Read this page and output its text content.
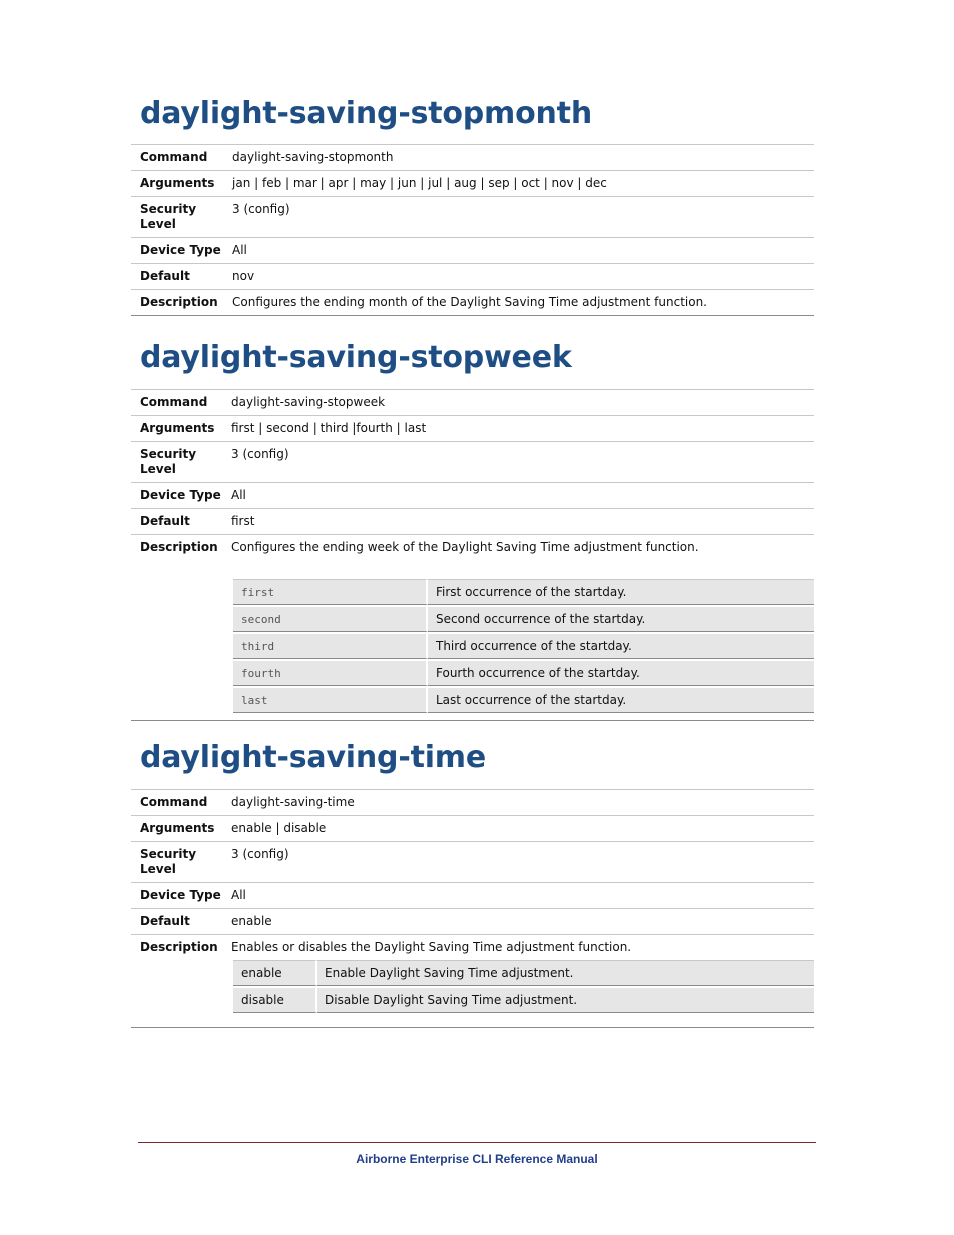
daylight-saving-stopmonth
Command	daylight-saving-stopmonth
Arguments	jan | feb | mar | apr | may | jun | jul | aug | sep | oct | nov | dec
Security Level	3 (config)
Device Type	All
Default	nov
Description	Configures the ending month of the Daylight Saving Time adjustment function.
daylight-saving-stopweek
Command	daylight-saving-stopweek
Arguments	first | second | third |fourth | last
Security Level	3 (config)
Device Type	All
Default	first
Description	Configures the ending week of the Daylight Saving Time adjustment function.
first	First occurrence of the startday.
second	Second occurrence of the startday.
third	Third occurrence of the startday.
fourth	Fourth occurrence of the startday.
last	Last occurrence of the startday.
daylight-saving-time
Command	daylight-saving-time
Arguments	enable | disable
Security Level	3 (config)
Device Type	All
Default	enable
Description	Enables or disables the Daylight Saving Time adjustment function.
enable	Enable Daylight Saving Time adjustment.
disable	Disable Daylight Saving Time adjustment.
Airborne Enterprise CLI Reference Manual
